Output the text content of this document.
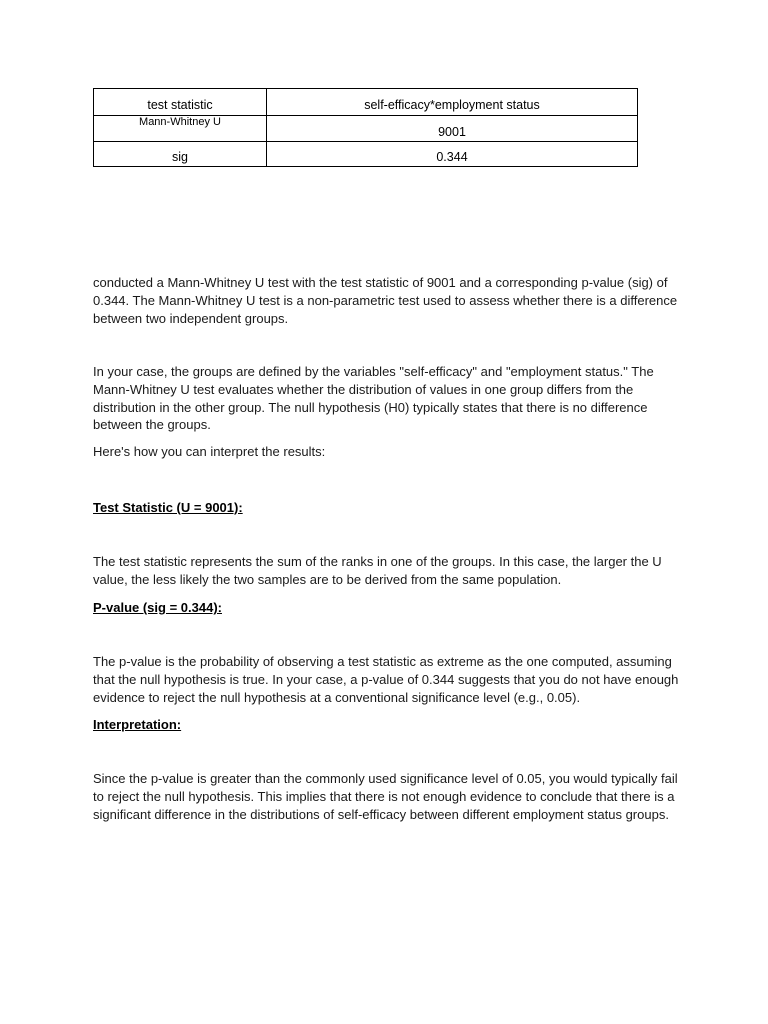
test statistic	self-efficacy*employment status

Mann-Whitney U	9001

sig	0.344

conducted a Mann-Whitney U test with the test statistic of 9001 and a corresponding p-value (sig) of 0.344. The Mann-Whitney U test is a non-parametric test used to assess whether there is a difference between two independent groups.

In your case, the groups are defined by the variables "self-efficacy" and "employment status." The Mann-Whitney U test evaluates whether the distribution of values in one group differs from the distribution in the other group. The null hypothesis (H0) typically states that there is no difference between the groups.

Here's how you can interpret the results:

Test Statistic (U = 9001):

The test statistic represents the sum of the ranks in one of the groups. In this case, the larger the U value, the less likely the two samples are to be derived from the same population.

P-value (sig = 0.344):

The p-value is the probability of observing a test statistic as extreme as the one computed, assuming that the null hypothesis is true. In your case, a p-value of 0.344 suggests that you do not have enough evidence to reject the null hypothesis at a conventional significance level (e.g., 0.05).

Interpretation:

Since the p-value is greater than the commonly used significance level of 0.05, you would typically fail to reject the null hypothesis. This implies that there is not enough evidence to conclude that there is a significant difference in the distributions of self-efficacy between different employment status groups.
